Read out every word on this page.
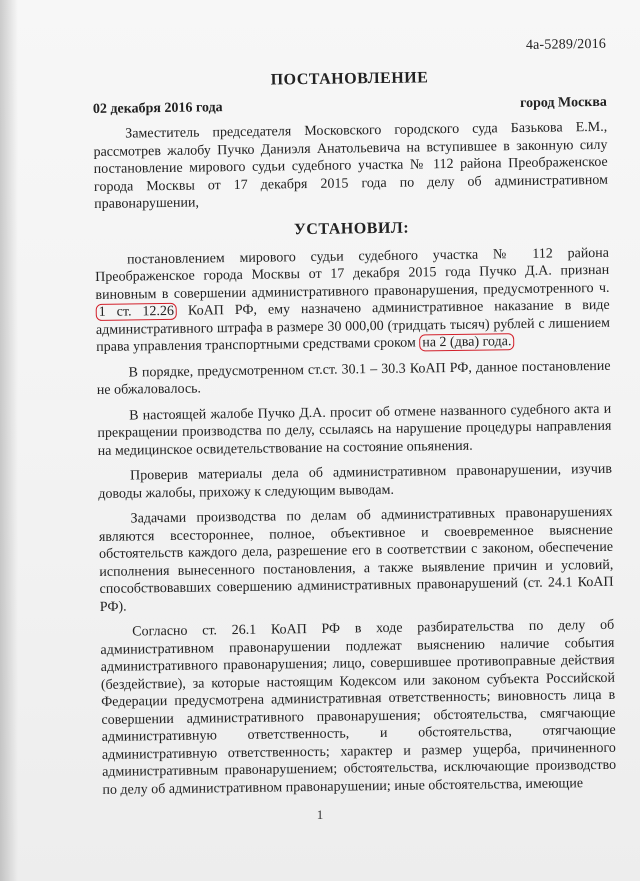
4а-5289/2016
ПОСТАНОВЛЕНИЕ
02 декабря 2016 года	город Москва

Заместитель председателя Московского городского суда Базькова Е.М., рассмотрев жалобу Пучко Даниэля Анатольевича на вступившее в законную силу постановление мирового судьи судебного участка № 112 района Преображенское города Москвы от 17 декабря 2015 года по делу об административном правонарушении,

УСТАНОВИЛ:

постановлением мирового судьи судебного участка № 112 района Преображенское города Москвы от 17 декабря 2015 года Пучко Д.А. признан виновным в совершении административного правонарушения, предусмотренного ч. 1 ст. 12.26 КоАП РФ, ему назначено административное наказание в виде административного штрафа в размере 30 000,00 (тридцать тысяч) рублей с лишением права управления транспортными средствами сроком на 2 (два) года.

В порядке, предусмотренном ст.ст. 30.1 – 30.3 КоАП РФ, данное постановление не обжаловалось.

В настоящей жалобе Пучко Д.А. просит об отмене названного судебного акта и прекращении производства по делу, ссылаясь на нарушение процедуры направления на медицинское освидетельствование на состояние опьянения.

Проверив материалы дела об административном правонарушении, изучив доводы жалобы, прихожу к следующим выводам.

Задачами производства по делам об административных правонарушениях являются всестороннее, полное, объективное и своевременное выяснение обстоятельств каждого дела, разрешение его в соответствии с законом, обеспечение исполнения вынесенного постановления, а также выявление причин и условий, способствовавших совершению административных правонарушений (ст. 24.1 КоАП РФ).

Согласно ст. 26.1 КоАП РФ в ходе разбирательства по делу об административном правонарушении подлежат выяснению наличие события административного правонарушения; лицо, совершившее противоправные действия (бездействие), за которые настоящим Кодексом или законом субъекта Российской Федерации предусмотрена административная ответственность; виновность лица в совершении административного правонарушения; обстоятельства, смягчающие административную ответственность, и обстоятельства, отягчающие административную ответственность; характер и размер ущерба, причиненного административным правонарушением; обстоятельства, исключающие производство по делу об административном правонарушении; иные обстоятельства, имеющие

1
